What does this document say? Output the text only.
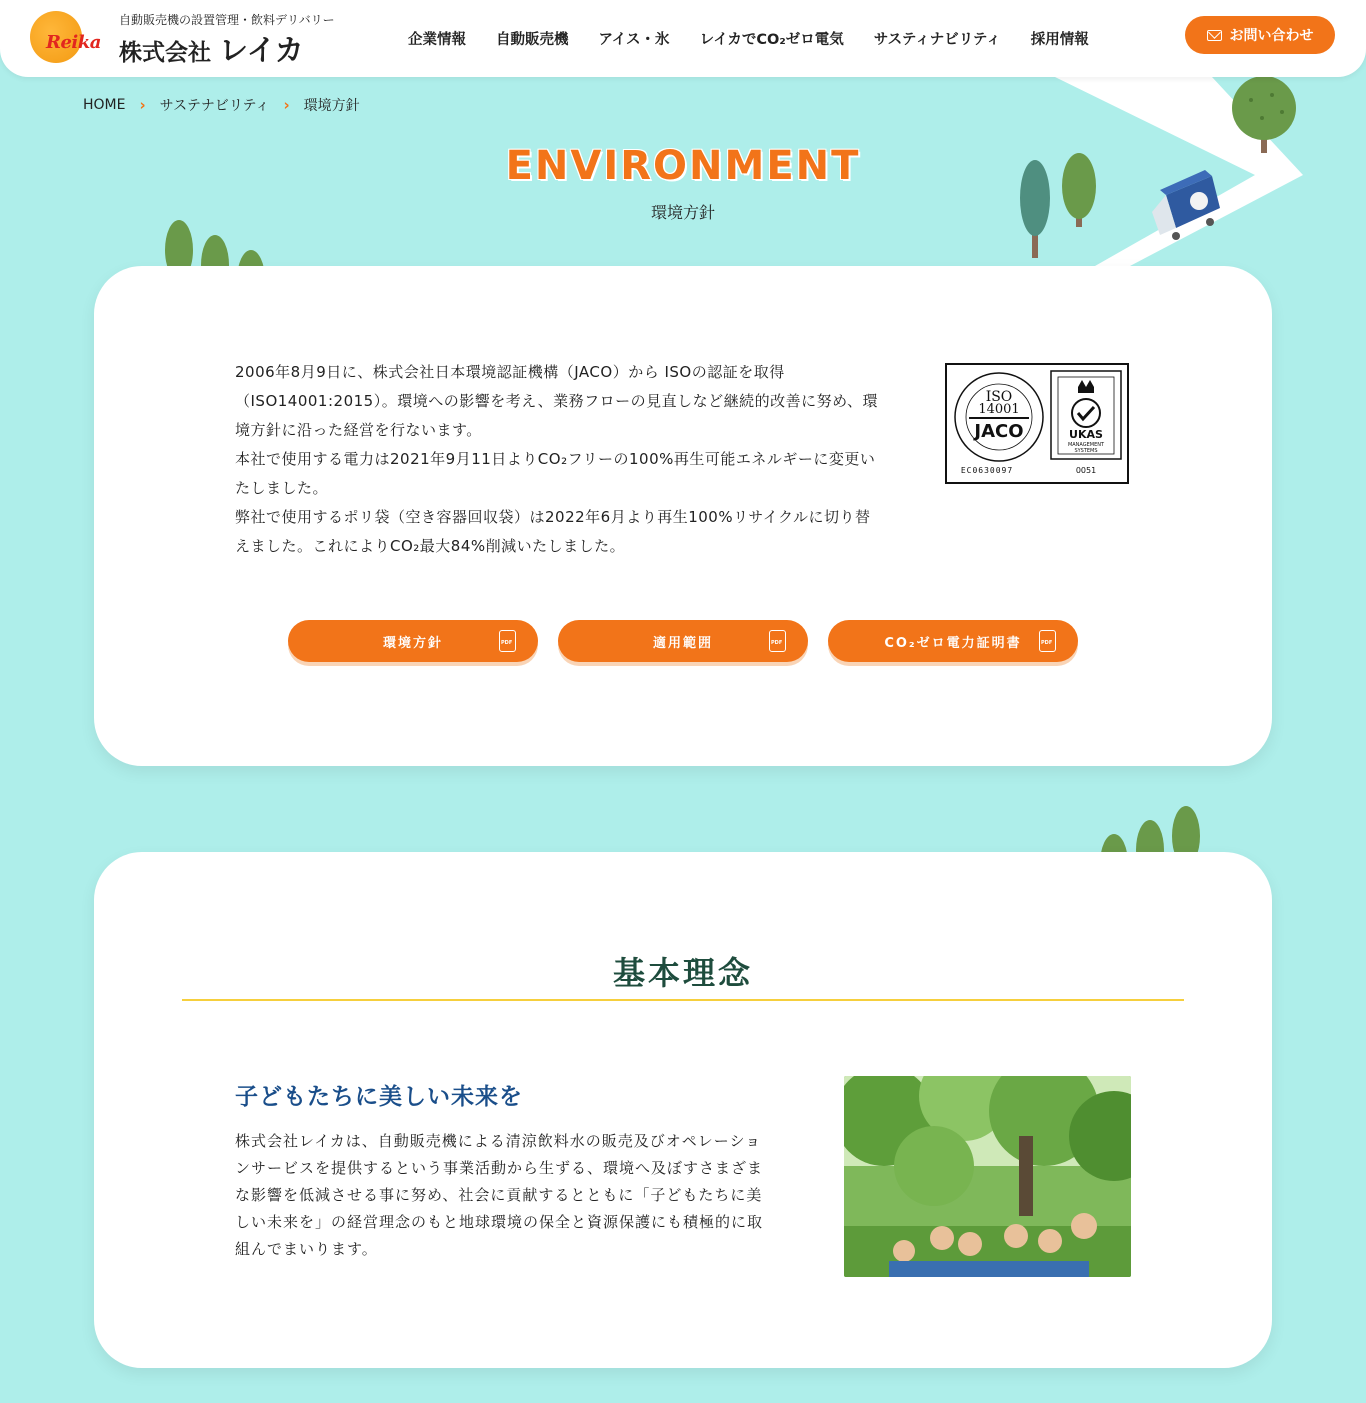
Reika
自動販売機の設置管理・飲料デリバリー
株式会社 レイカ	企業情報 自動販売機 アイス・氷 レイカでCO₂ゼロ電気 サスティナビリティ 採用情報	お問い合わせ
HOME › サステナビリティ › 環境方針
ENVIRONMENT
環境方針

2006年8月9日に、株式会社日本環境認証機構（JACO）から ISOの認証を取得（ISO14001:2015）。環境への影響を考え、業務フローの見直しなど継続的改善に努め、環境方針に沿った経営を行ないます。

本社で使用する電力は2021年9月11日よりCO₂フリーの100%再生可能エネルギーに変更いたしました。

弊社で使用するポリ袋（空き容器回収袋）は2022年6月より再生100%リサイクルに切り替えました。これによりCO₂最大84%削減いたしました。

ISO
14001
JACO
EC0630097
UKAS
MANAGEMENT
SYSTEMS
0051
環境方針 PDF	適用範囲 PDF	CO₂ゼロ電力証明書
PDF
基本理念
子どもたちに美しい未来を

株式会社レイカは、自動販売機による清涼飲料水の販売及びオペレーションサービスを提供するという事業活動から生ずる、環境へ及ぼすさまざまな影響を低減させる事に努め、社会に貢献するとともに「子どもたちに美しい未来を」の経営理念のもと地球環境の保全と資源保護にも積極的に取組んでまいります。
